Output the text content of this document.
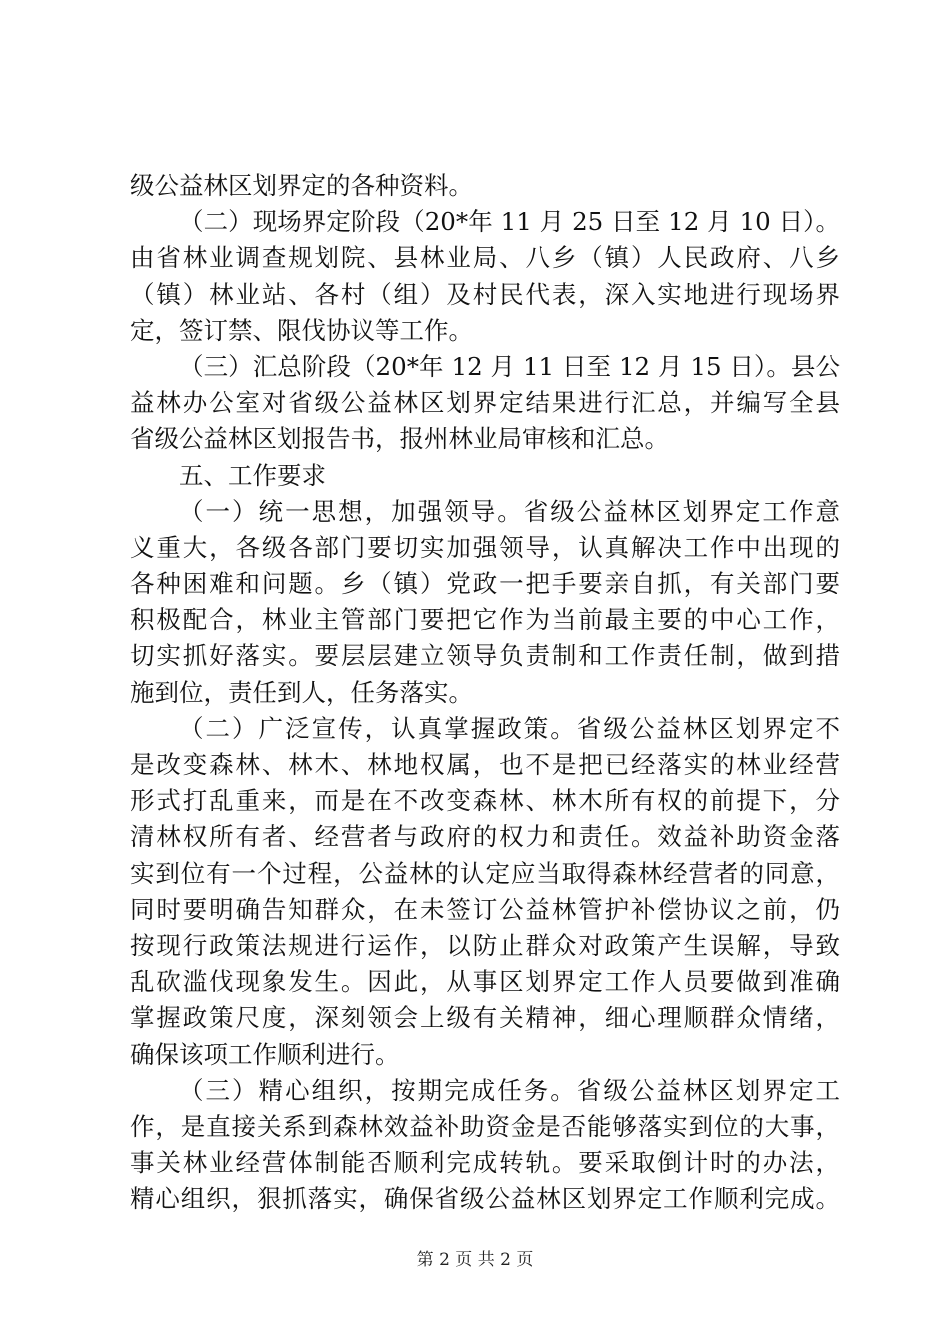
级公益林区划界定的各种资料。
（二）现场界定阶段（20*年 11 月 25 日至 12 月 10 日）。
由省林业调查规划院、县林业局、八乡（镇）人民政府、八乡
（镇）林业站、各村（组）及村民代表，深入实地进行现场界
定，签订禁、限伐协议等工作。
（三）汇总阶段（20*年 12 月 11 日至 12 月 15 日）。县公
益林办公室对省级公益林区划界定结果进行汇总，并编写全县
省级公益林区划报告书，报州林业局审核和汇总。
五、工作要求
（一）统一思想，加强领导。省级公益林区划界定工作意
义重大，各级各部门要切实加强领导，认真解决工作中出现的
各种困难和问题。乡（镇）党政一把手要亲自抓，有关部门要
积极配合，林业主管部门要把它作为当前最主要的中心工作，
切实抓好落实。要层层建立领导负责制和工作责任制，做到措
施到位，责任到人，任务落实。
（二）广泛宣传，认真掌握政策。省级公益林区划界定不
是改变森林、林木、林地权属，也不是把已经落实的林业经营
形式打乱重来，而是在不改变森林、林木所有权的前提下，分
清林权所有者、经营者与政府的权力和责任。效益补助资金落
实到位有一个过程，公益林的认定应当取得森林经营者的同意，
同时要明确告知群众，在未签订公益林管护补偿协议之前，仍
按现行政策法规进行运作，以防止群众对政策产生误解，导致
乱砍滥伐现象发生。因此，从事区划界定工作人员要做到准确
掌握政策尺度，深刻领会上级有关精神，细心理顺群众情绪，
确保该项工作顺利进行。
（三）精心组织，按期完成任务。省级公益林区划界定工
作，是直接关系到森林效益补助资金是否能够落实到位的大事，
事关林业经营体制能否顺利完成转轨。要采取倒计时的办法，
精心组织，狠抓落实，确保省级公益林区划界定工作顺利完成。
第 2 页 共 2 页
